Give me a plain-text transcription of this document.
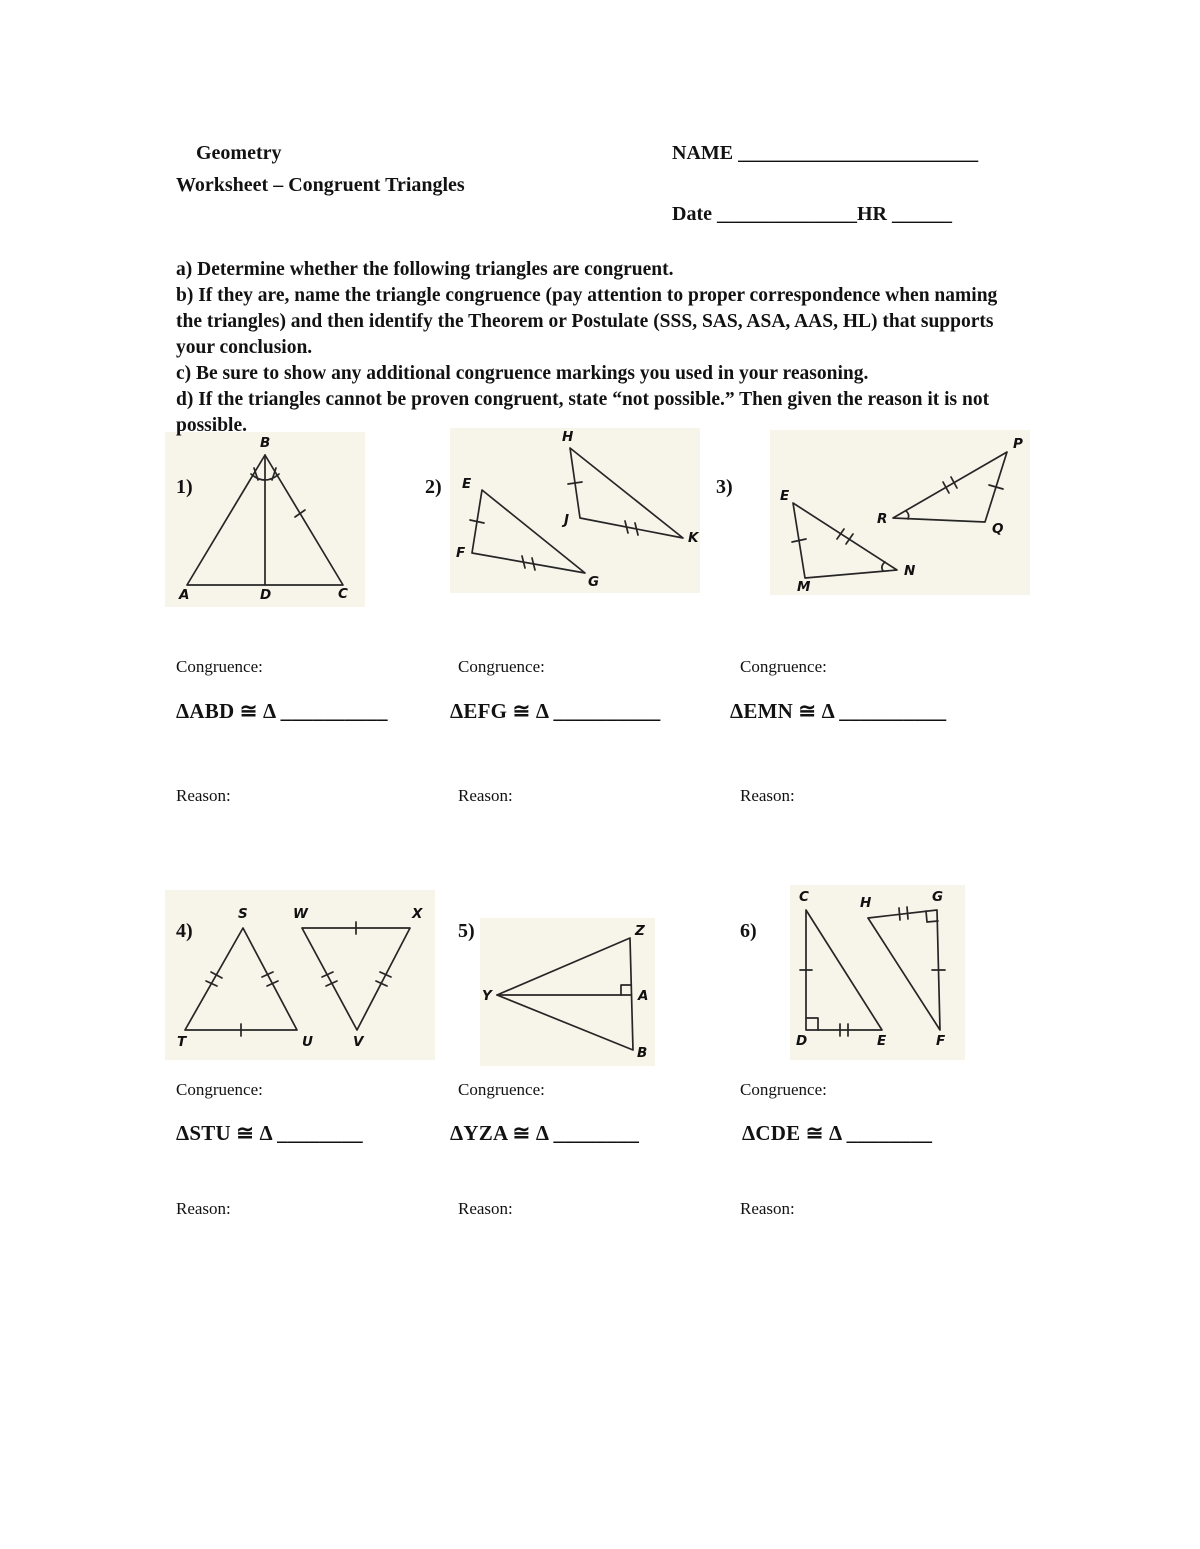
Geometry	NAME ________________________
Worksheet – Congruent Triangles
Date ______________HR ______
a) Determine whether the following triangles are congruent.
b) If they are, name the triangle congruence (pay attention to proper correspondence when naming the triangles) and then identify the Theorem or Postulate (SSS, SAS, ASA, AAS, HL) that supports your conclusion.
c) Be sure to show any additional congruence markings you used in your reasoning.
d) If the triangles cannot be proven congruent, state “not possible.” Then given the reason it is not possible.
1)	2)	3)
B
A	D	C
E
F
G
H
J
K
E
M
N
P
R
Q
Congruence:	Congruence:	Congruence:
ΔABD ≅ Δ __________	ΔEFG ≅ Δ __________	ΔEMN ≅ Δ __________
Reason:	Reason:	Reason:
4)	5)	6)
S
T	U
W	X
V
Y
Z
A
B
C
D	E
H	G
F
Congruence:	Congruence:	Congruence:
ΔSTU ≅ Δ ________	ΔYZA ≅ Δ ________	ΔCDE ≅ Δ ________
Reason:	Reason:	Reason:
